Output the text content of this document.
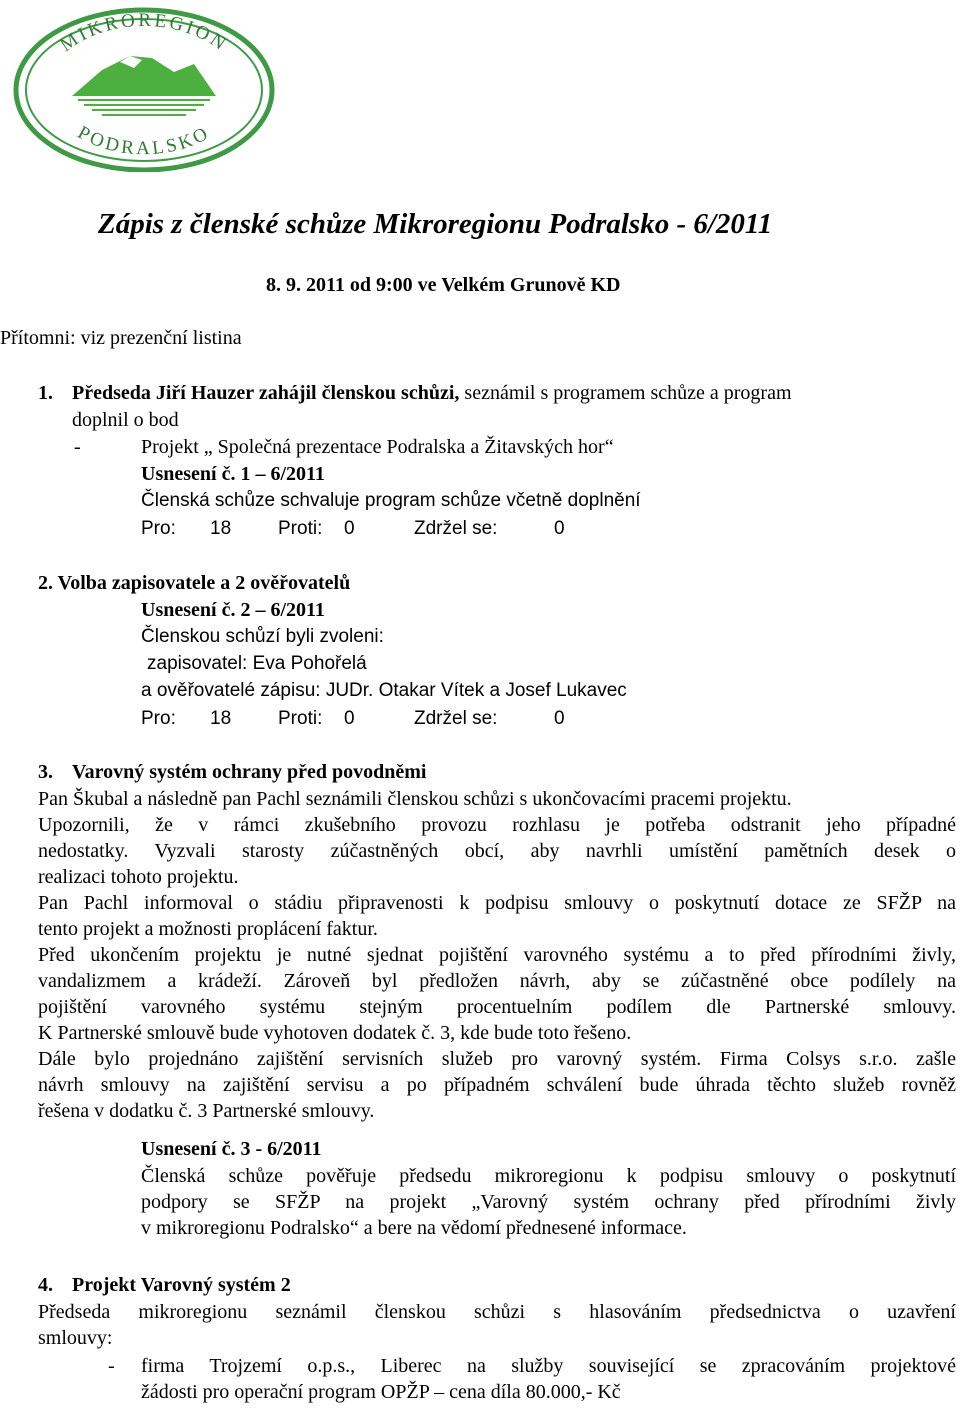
MIKROREGION
PODRALSKO
Zápis z členské schůze Mikroregionu Podralsko - 6/2011
8. 9. 2011 od 9:00 ve Velkém Grunově KD
Přítomni: viz prezenční listina
1. Předseda Jiří Hauzer zahájil členskou schůzi, seznámil s programem schůze a program
doplnil o bod
-	Projekt „ Společná prezentace Podralska a Žitavských hor“
Usnesení č. 1 – 6/2011
Členská schůze schvaluje program schůze včetně doplnění
Pro: 18 Proti: 0	Zdržel se:	0
2. Volba zapisovatele a 2 ověřovatelů
Usnesení č. 2 – 6/2011
Členskou schůzí byli zvoleni:
zapisovatel: Eva Pohořelá
a ověřovatelé zápisu: JUDr. Otakar Vítek a Josef Lukavec
Pro: 18 Proti: 0	Zdržel se:	0
3. Varovný systém ochrany před povodněmi
Pan Škubal a následně pan Pachl seznámili členskou schůzi s ukončovacími pracemi projektu.
Upozornili, že v rámci zkušebního provozu rozhlasu je potřeba odstranit jeho případné
nedostatky. Vyzvali starosty zúčastněných obcí, aby navrhli umístění pamětních desek o
realizaci tohoto projektu.
Pan Pachl informoval o stádiu připravenosti k podpisu smlouvy o poskytnutí dotace ze SFŽP na
tento projekt a možnosti proplácení faktur.
Před ukončením projektu je nutné sjednat pojištění varovného systému a to před přírodními živly,
vandalizmem a krádeží. Zároveň byl předložen návrh, aby se zúčastněné obce podílely na
pojištění varovného systému stejným procentuelním podílem dle Partnerské smlouvy.
K Partnerské smlouvě bude vyhotoven dodatek č. 3, kde bude toto řešeno.
Dále bylo projednáno zajištění servisních služeb pro varovný systém. Firma Colsys s.r.o. zašle
návrh smlouvy na zajištění servisu a po případném schválení bude úhrada těchto služeb rovněž
řešena v dodatku č. 3 Partnerské smlouvy.
Usnesení č. 3 - 6/2011
Členská schůze pověřuje předsedu mikroregionu k podpisu smlouvy o poskytnutí
podpory se SFŽP na projekt „Varovný systém ochrany před přírodními živly
v mikroregionu Podralsko“ a bere na vědomí přednesené informace.
4. Projekt Varovný systém 2
Předseda mikroregionu seznámil členskou schůzi s hlasováním předsednictva o uzavření
smlouvy:
- firma Trojzemí o.p.s., Liberec na služby související se zpracováním projektové
žádosti pro operační program OPŽP – cena díla 80.000,- Kč
